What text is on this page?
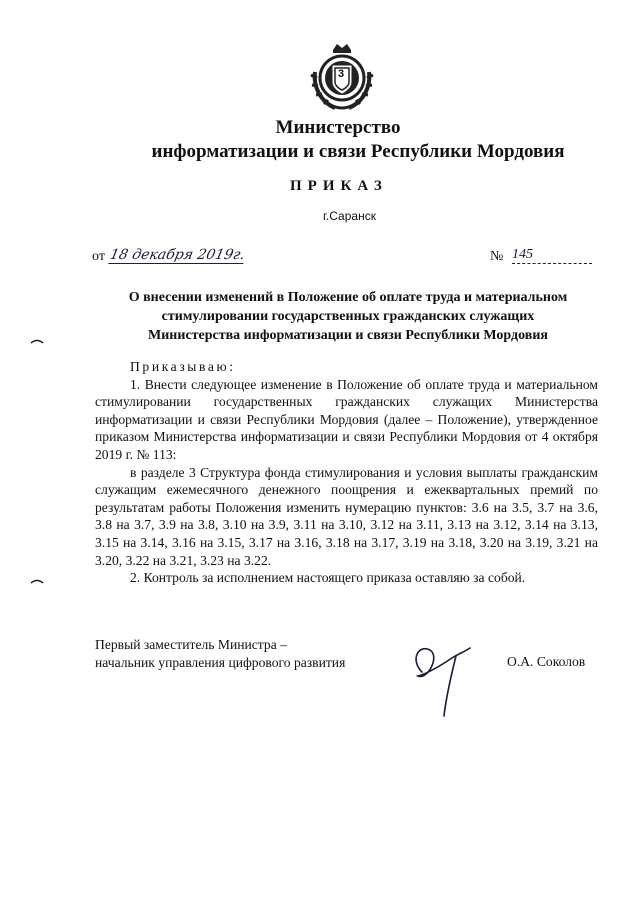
3
Министерство
информатизации и связи Республики Мордовия
ПРИКАЗ
г.Саранск
от 18 декабря 2019г.	№ 145
О внесении изменений в Положение об оплате труда и материальном
стимулировании государственных гражданских служащих
Министерства информатизации и связи Республики Мордовия

Приказываю:

1. Внести следующее изменение в Положение об оплате труда и материальном стимулировании государственных гражданских служащих Министерства информатизации и связи Республики Мордовия (далее – Положение), утвержденное приказом Министерства информатизации и связи Республики Мордовия от 4 октября 2019 г. № 113:

в разделе 3 Структура фонда стимулирования и условия выплаты гражданским служащим ежемесячного денежного поощрения и ежеквартальных премий по результатам работы Положения изменить нумерацию пунктов: 3.6 на 3.5, 3.7 на 3.6, 3.8 на 3.7, 3.9 на 3.8, 3.10 на 3.9, 3.11 на 3.10, 3.12 на 3.11, 3.13 на 3.12, 3.14 на 3.13, 3.15 на 3.14, 3.16 на 3.15, 3.17 на 3.16, 3.18 на 3.17, 3.19 на 3.18, 3.20 на 3.19, 3.21 на 3.20, 3.22 на 3.21, 3.23 на 3.22.

2. Контроль за исполнением настоящего приказа оставляю за собой.

Первый заместитель Министра –
начальник управления цифрового развития	О.А. Соколов
